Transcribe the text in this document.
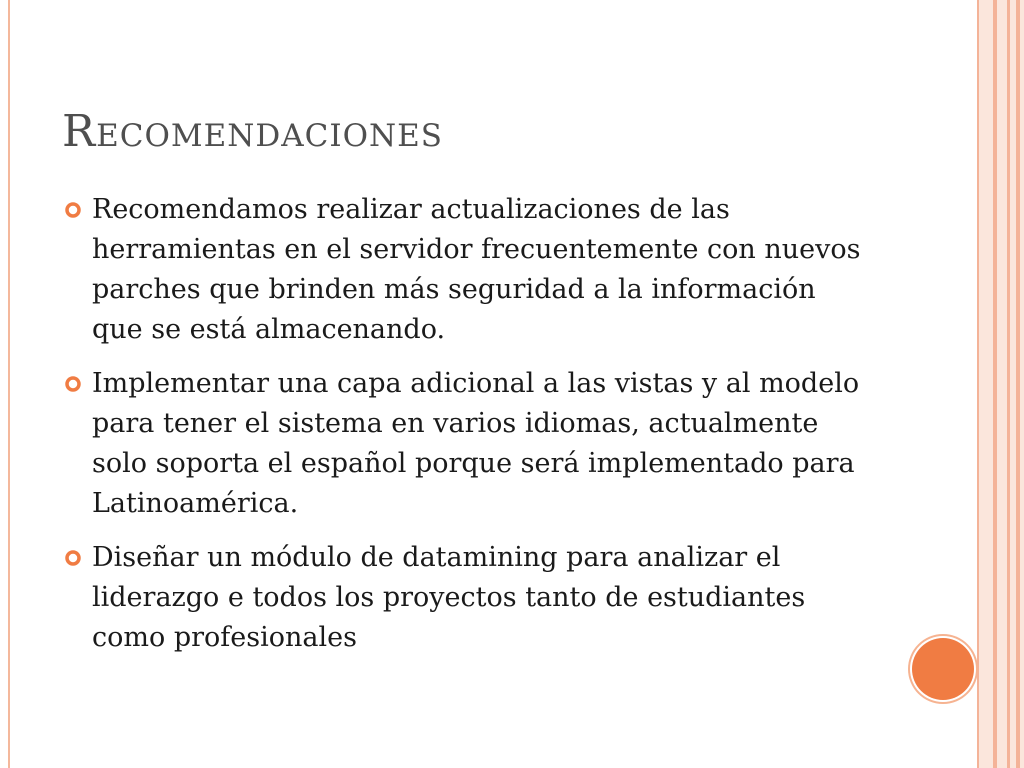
Recomendaciones
Recomendamos realizar actualizaciones de las herramientas en el servidor frecuentemente con nuevos parches que brinden más seguridad a la información que se está almacenando.
Implementar una capa adicional a las vistas y al modelo para tener el sistema en varios idiomas, actualmente solo soporta el español porque será implementado para Latinoamérica.
Diseñar un módulo de datamining para analizar el liderazgo e todos los proyectos tanto de estudiantes como profesionales
